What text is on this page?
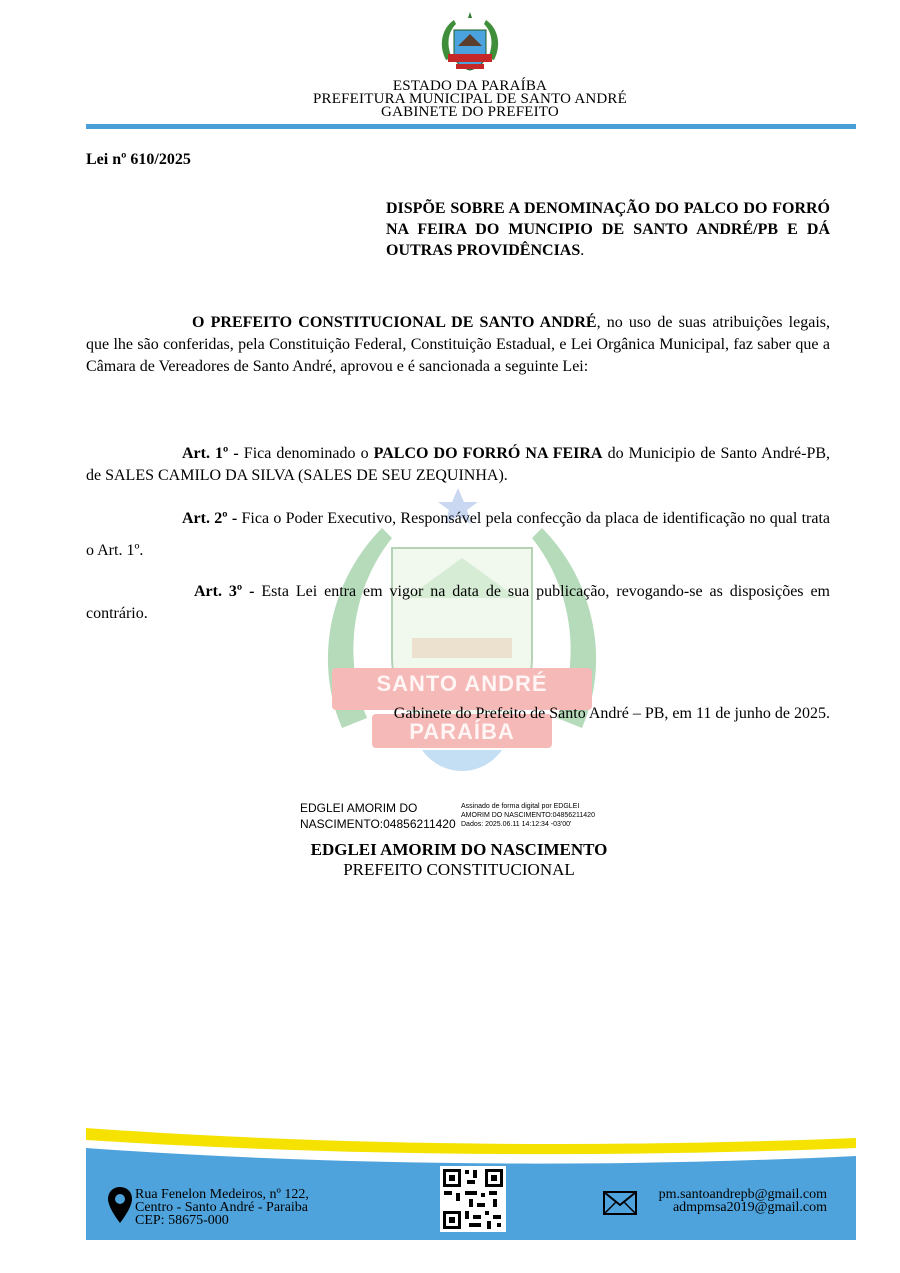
ESTADO DA PARAÍBA
PREFEITURA MUNICIPAL DE SANTO ANDRÉ
GABINETE DO PREFEITO
SANTO ANDRÉ
PARAÍBA
Lei nº 610/2025
DISPÕE SOBRE A DENOMINAÇÃO DO PALCO DO FORRÓ NA FEIRA DO MUNCIPIO DE SANTO ANDRÉ/PB E DÁ OUTRAS PROVIDÊNCIAS.
O PREFEITO CONSTITUCIONAL DE SANTO ANDRÉ, no uso de suas atribuições legais, que lhe são conferidas, pela Constituição Federal, Constituição Estadual, e Lei Orgânica Municipal, faz saber que a Câmara de Vereadores de Santo André, aprovou e é sancionada a seguinte Lei:
Art. 1º - Fica denominado o PALCO DO FORRÓ NA FEIRA do Municipio de Santo André-PB, de SALES CAMILO DA SILVA (SALES DE SEU ZEQUINHA).
Art. 2º - Fica o Poder Executivo, Responsável pela confecção da placa de identificação no qual trata o Art. 1º.
Art. 3º - Esta Lei entra em vigor na data de sua publicação, revogando-se as disposições em contrário.
Gabinete do Prefeito de Santo André – PB, em 11 de junho de 2025.
EDGLEI AMORIM DO
NASCIMENTO:04856211420
Assinado de forma digital por EDGLEI
AMORIM DO NASCIMENTO:04856211420
Dados: 2025.06.11 14:12:34 -03'00'
EDGLEI AMORIM DO NASCIMENTO
PREFEITO CONSTITUCIONAL
Rua Fenelon Medeiros, nº 122,
Centro - Santo André - Paraiba
CEP: 58675-000
pm.santoandrepb@gmail.com
admpmsa2019@gmail.com
